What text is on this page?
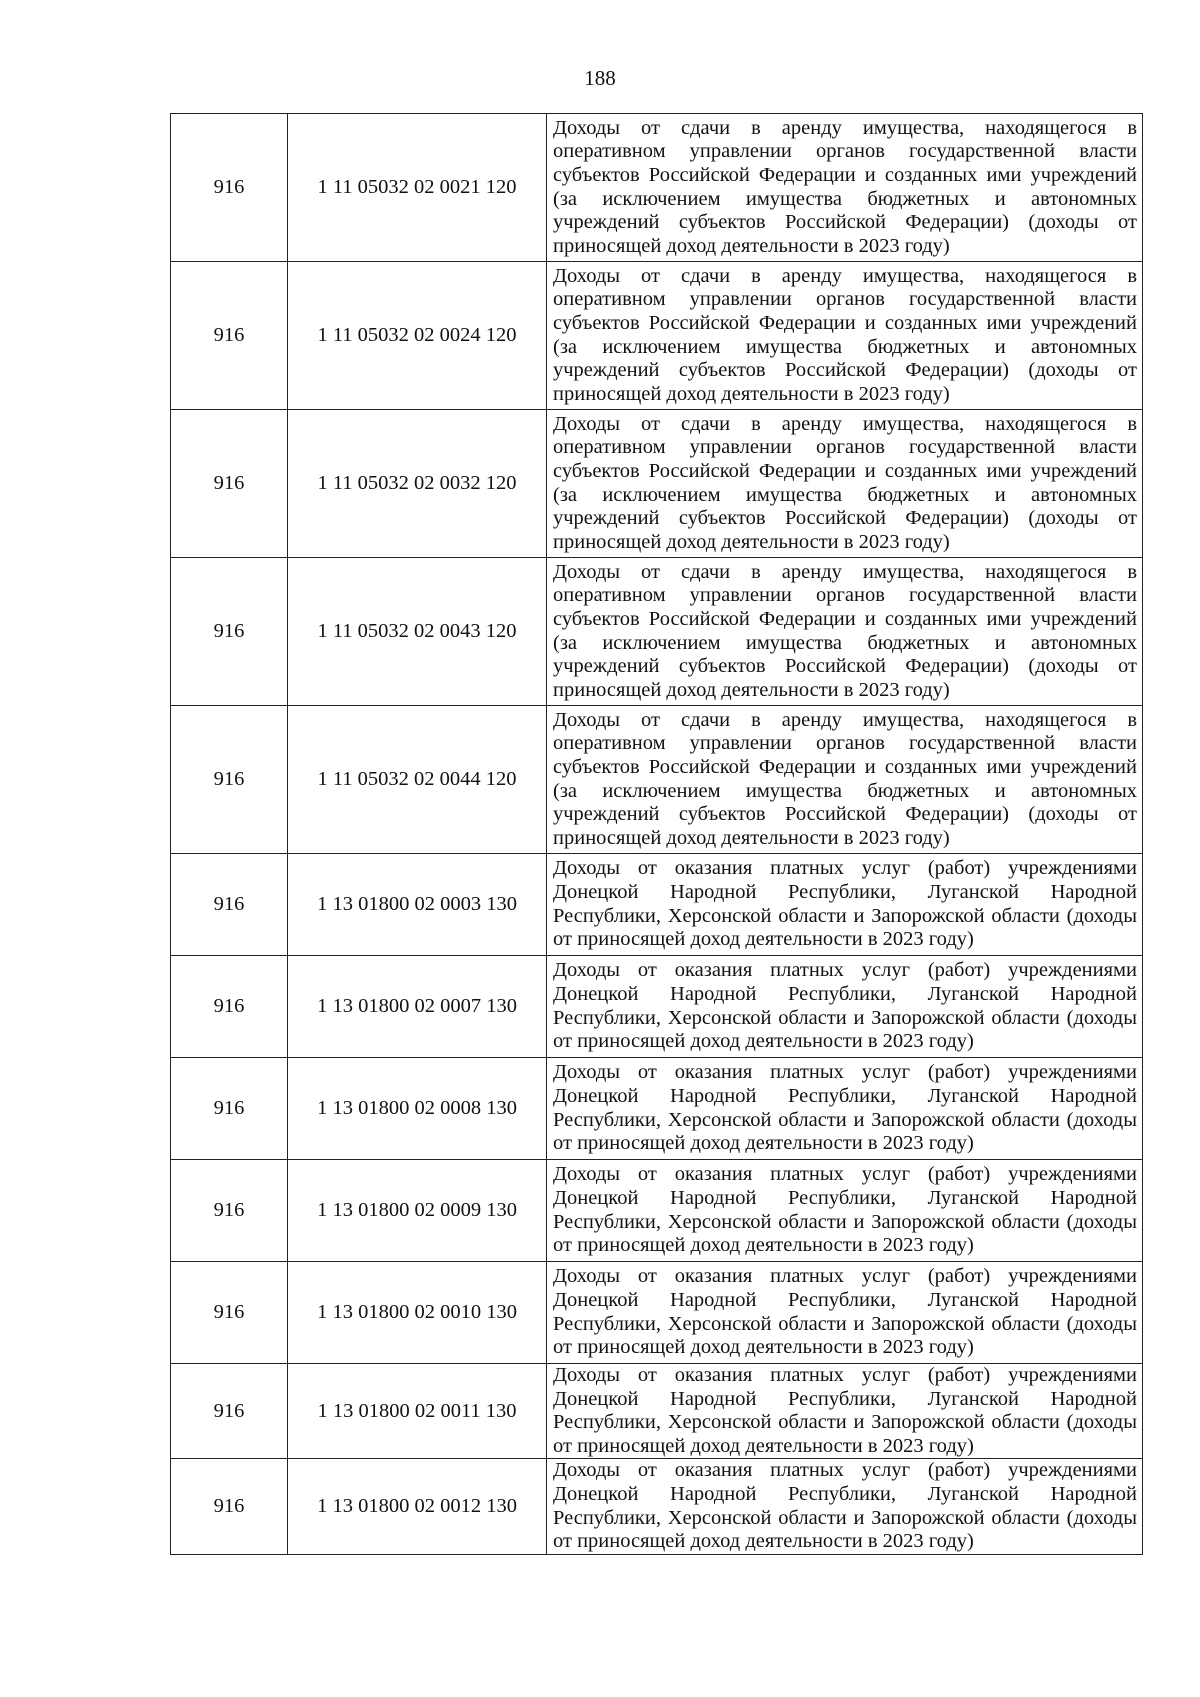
188
916	1 11 05032 02 0021 120	Доходы от сдачи в аренду имущества, находящегося в оперативном управлении органов государственной власти субъектов Российской Федерации и созданных ими учреждений (за исключением имущества бюджетных и автономных учреждений субъектов Российской Федерации) (доходы от приносящей доход деятельности в 2023 году)
916	1 11 05032 02 0024 120	Доходы от сдачи в аренду имущества, находящегося в оперативном управлении органов государственной власти субъектов Российской Федерации и созданных ими учреждений (за исключением имущества бюджетных и автономных учреждений субъектов Российской Федерации) (доходы от приносящей доход деятельности в 2023 году)
916	1 11 05032 02 0032 120	Доходы от сдачи в аренду имущества, находящегося в оперативном управлении органов государственной власти субъектов Российской Федерации и созданных ими учреждений (за исключением имущества бюджетных и автономных учреждений субъектов Российской Федерации) (доходы от приносящей доход деятельности в 2023 году)
916	1 11 05032 02 0043 120	Доходы от сдачи в аренду имущества, находящегося в оперативном управлении органов государственной власти субъектов Российской Федерации и созданных ими учреждений (за исключением имущества бюджетных и автономных учреждений субъектов Российской Федерации) (доходы от приносящей доход деятельности в 2023 году)
916	1 11 05032 02 0044 120	Доходы от сдачи в аренду имущества, находящегося в оперативном управлении органов государственной власти субъектов Российской Федерации и созданных ими учреждений (за исключением имущества бюджетных и автономных учреждений субъектов Российской Федерации) (доходы от приносящей доход деятельности в 2023 году)
916	1 13 01800 02 0003 130	Доходы от оказания платных услуг (работ) учреждениями Донецкой Народной Республики, Луганской Народной Республики, Херсонской области и Запорожской области (доходы от приносящей доход деятельности в 2023 году)
916	1 13 01800 02 0007 130	Доходы от оказания платных услуг (работ) учреждениями Донецкой Народной Республики, Луганской Народной Республики, Херсонской области и Запорожской области (доходы от приносящей доход деятельности в 2023 году)
916	1 13 01800 02 0008 130	Доходы от оказания платных услуг (работ) учреждениями Донецкой Народной Республики, Луганской Народной Республики, Херсонской области и Запорожской области (доходы от приносящей доход деятельности в 2023 году)
916	1 13 01800 02 0009 130	Доходы от оказания платных услуг (работ) учреждениями Донецкой Народной Республики, Луганской Народной Республики, Херсонской области и Запорожской области (доходы от приносящей доход деятельности в 2023 году)
916	1 13 01800 02 0010 130	Доходы от оказания платных услуг (работ) учреждениями Донецкой Народной Республики, Луганской Народной Республики, Херсонской области и Запорожской области (доходы от приносящей доход деятельности в 2023 году)
916	1 13 01800 02 0011 130	Доходы от оказания платных услуг (работ) учреждениями Донецкой Народной Республики, Луганской Народной Республики, Херсонской области и Запорожской области (доходы от приносящей доход деятельности в 2023 году)
916	1 13 01800 02 0012 130	Доходы от оказания платных услуг (работ) учреждениями Донецкой Народной Республики, Луганской Народной Республики, Херсонской области и Запорожской области (доходы от приносящей доход деятельности в 2023 году)
